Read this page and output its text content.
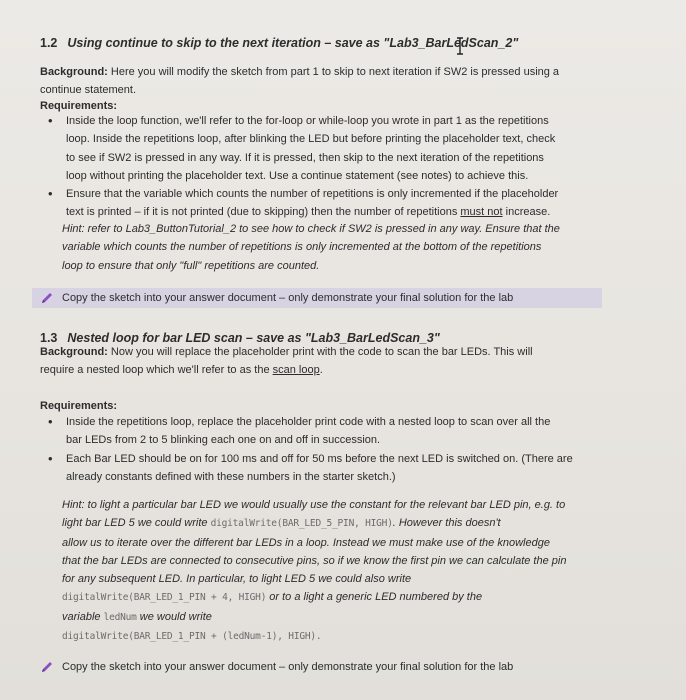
1.2 Using continue to skip to the next iteration – save as "Lab3_BarLedScan_2"
Background: Here you will modify the sketch from part 1 to skip to next iteration if SW2 is pressed using a
continue statement.
Requirements:
• Inside the loop function, we'll refer to the for-loop or while-loop you wrote in part 1 as the repetitions
loop. Inside the repetitions loop, after blinking the LED but before printing the placeholder text, check
to see if SW2 is pressed in any way. If it is pressed, then skip to the next iteration of the repetitions
loop without printing the placeholder text. Use a continue statement (see notes) to achieve this.
• Ensure that the variable which counts the number of repetitions is only incremented if the placeholder
text is printed – if it is not printed (due to skipping) then the number of repetitions must not increase.
Hint: refer to Lab3_ButtonTutorial_2 to see how to check if SW2 is pressed in any way. Ensure that the
variable which counts the number of repetitions is only incremented at the bottom of the repetitions
loop to ensure that only "full" repetitions are counted.
Copy the sketch into your answer document – only demonstrate your final solution for the lab
1.3 Nested loop for bar LED scan – save as "Lab3_BarLedScan_3"
Background: Now you will replace the placeholder print with the code to scan the bar LEDs. This will
require a nested loop which we'll refer to as the scan loop.
Requirements:
• Inside the repetitions loop, replace the placeholder print code with a nested loop to scan over all the
bar LEDs from 2 to 5 blinking each one on and off in succession.
• Each Bar LED should be on for 100 ms and off for 50 ms before the next LED is switched on. (There are
already constants defined with these numbers in the starter sketch.)
Hint: to light a particular bar LED we would usually use the constant for the relevant bar LED pin, e.g. to
light bar LED 5 we could write digitalWrite(BAR_LED_5_PIN, HIGH). However this doesn't
allow us to iterate over the different bar LEDs in a loop. Instead we must make use of the knowledge
that the bar LEDs are connected to consecutive pins, so if we know the first pin we can calculate the pin
for any subsequent LED. In particular, to light LED 5 we could also write
digitalWrite(BAR_LED_1_PIN + 4, HIGH) or to a light a generic LED numbered by the
variable ledNum we would write
digitalWrite(BAR_LED_1_PIN + (ledNum-1), HIGH).
Copy the sketch into your answer document – only demonstrate your final solution for the lab
